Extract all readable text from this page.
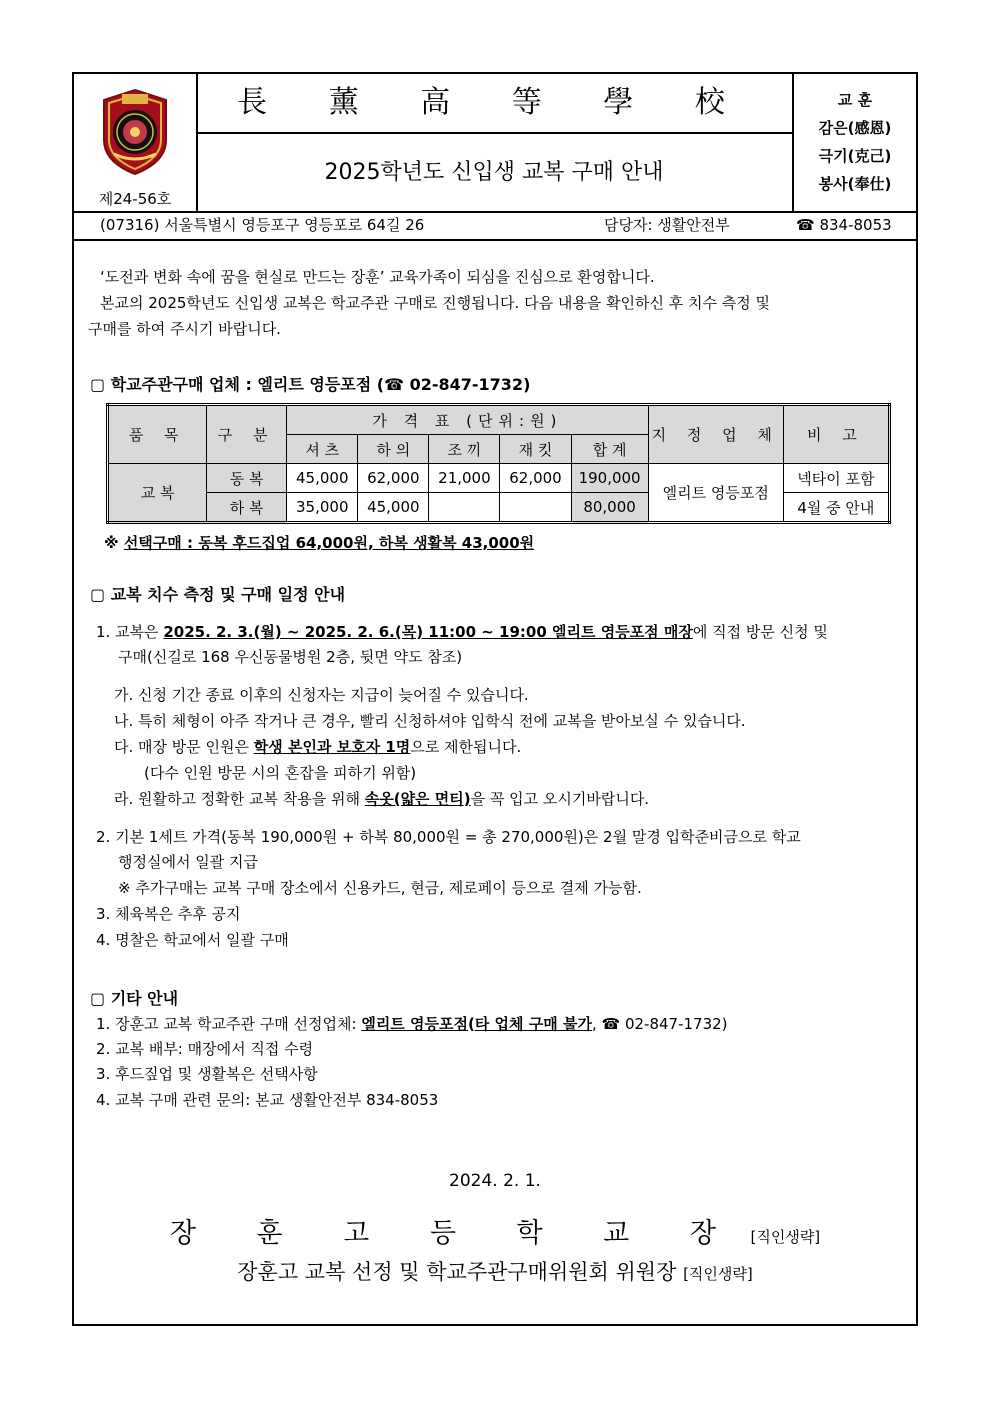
제24-56호
長 薰 高 等 學 校
2025학년도 신입생 교복 구매 안내
교 훈
감은(感恩)
극기(克己)
봉사(奉仕)
(07316) 서울특별시 영등포구 영등포로 64길 26	담당자: 생활안전부	☎ 834-8053
‘도전과 변화 속에 꿈을 현실로 만드는 장훈’ 교육가족이 되심을 진심으로 환영합니다.
본교의 2025학년도 신입생 교복은 학교주관 구매로 진행됩니다. 다음 내용을 확인하신 후 치수 측정 및
구매를 하여 주시기 바랍니다.
▢ 학교주관구매 업체 : 엘리트 영등포점 (☎ 02-847-1732)
품 목	구 분	가 격 표 (단위:원)					지 정 업 체	비 고
		셔 츠	하 의	조 끼	재 킷	합 계		
교 복	동 복	45,000	62,000	21,000	62,000	190,000	엘리트 영등포점	넥타이 포함
	하 복	35,000	45,000			80,000		4월 중 안내
※ 선택구매 : 동복 후드집업 64,000원, 하복 생활복 43,000원
▢ 교복 치수 측정 및 구매 일정 안내
1. 교복은 2025. 2. 3.(월) ~ 2025. 2. 6.(목) 11:00 ~ 19:00 엘리트 영등포점 매장에 직접 방문 신청 및
구매(신길로 168 우신동물병원 2층, 뒷면 약도 참조)
가. 신청 기간 종료 이후의 신청자는 지급이 늦어질 수 있습니다.
나. 특히 체형이 아주 작거나 큰 경우, 빨리 신청하셔야 입학식 전에 교복을 받아보실 수 있습니다.
다. 매장 방문 인원은 학생 본인과 보호자 1명으로 제한됩니다.
(다수 인원 방문 시의 혼잡을 피하기 위함)
라. 원활하고 정확한 교복 착용을 위해 속옷(얇은 면티)을 꼭 입고 오시기바랍니다.
2. 기본 1세트 가격(동복 190,000원 + 하복 80,000원 = 총 270,000원)은 2월 말경 입학준비금으로 학교
행정실에서 일괄 지급
※ 추가구매는 교복 구매 장소에서 신용카드, 현금, 제로페이 등으로 결제 가능함.
3. 체육복은 추후 공지
4. 명찰은 학교에서 일괄 구매
▢ 기타 안내
1. 장훈고 교복 학교주관 구매 선정업체: 엘리트 영등포점(타 업체 구매 불가, ☎ 02-847-1732)
2. 교복 배부: 매장에서 직접 수령
3. 후드짚업 및 생활복은 선택사항
4. 교복 구매 관련 문의: 본교 생활안전부 834-8053
2024. 2. 1.
장 훈 고 등 학 교 장 [직인생략]
장훈고 교복 선정 및 학교주관구매위원회 위원장 [직인생략]
